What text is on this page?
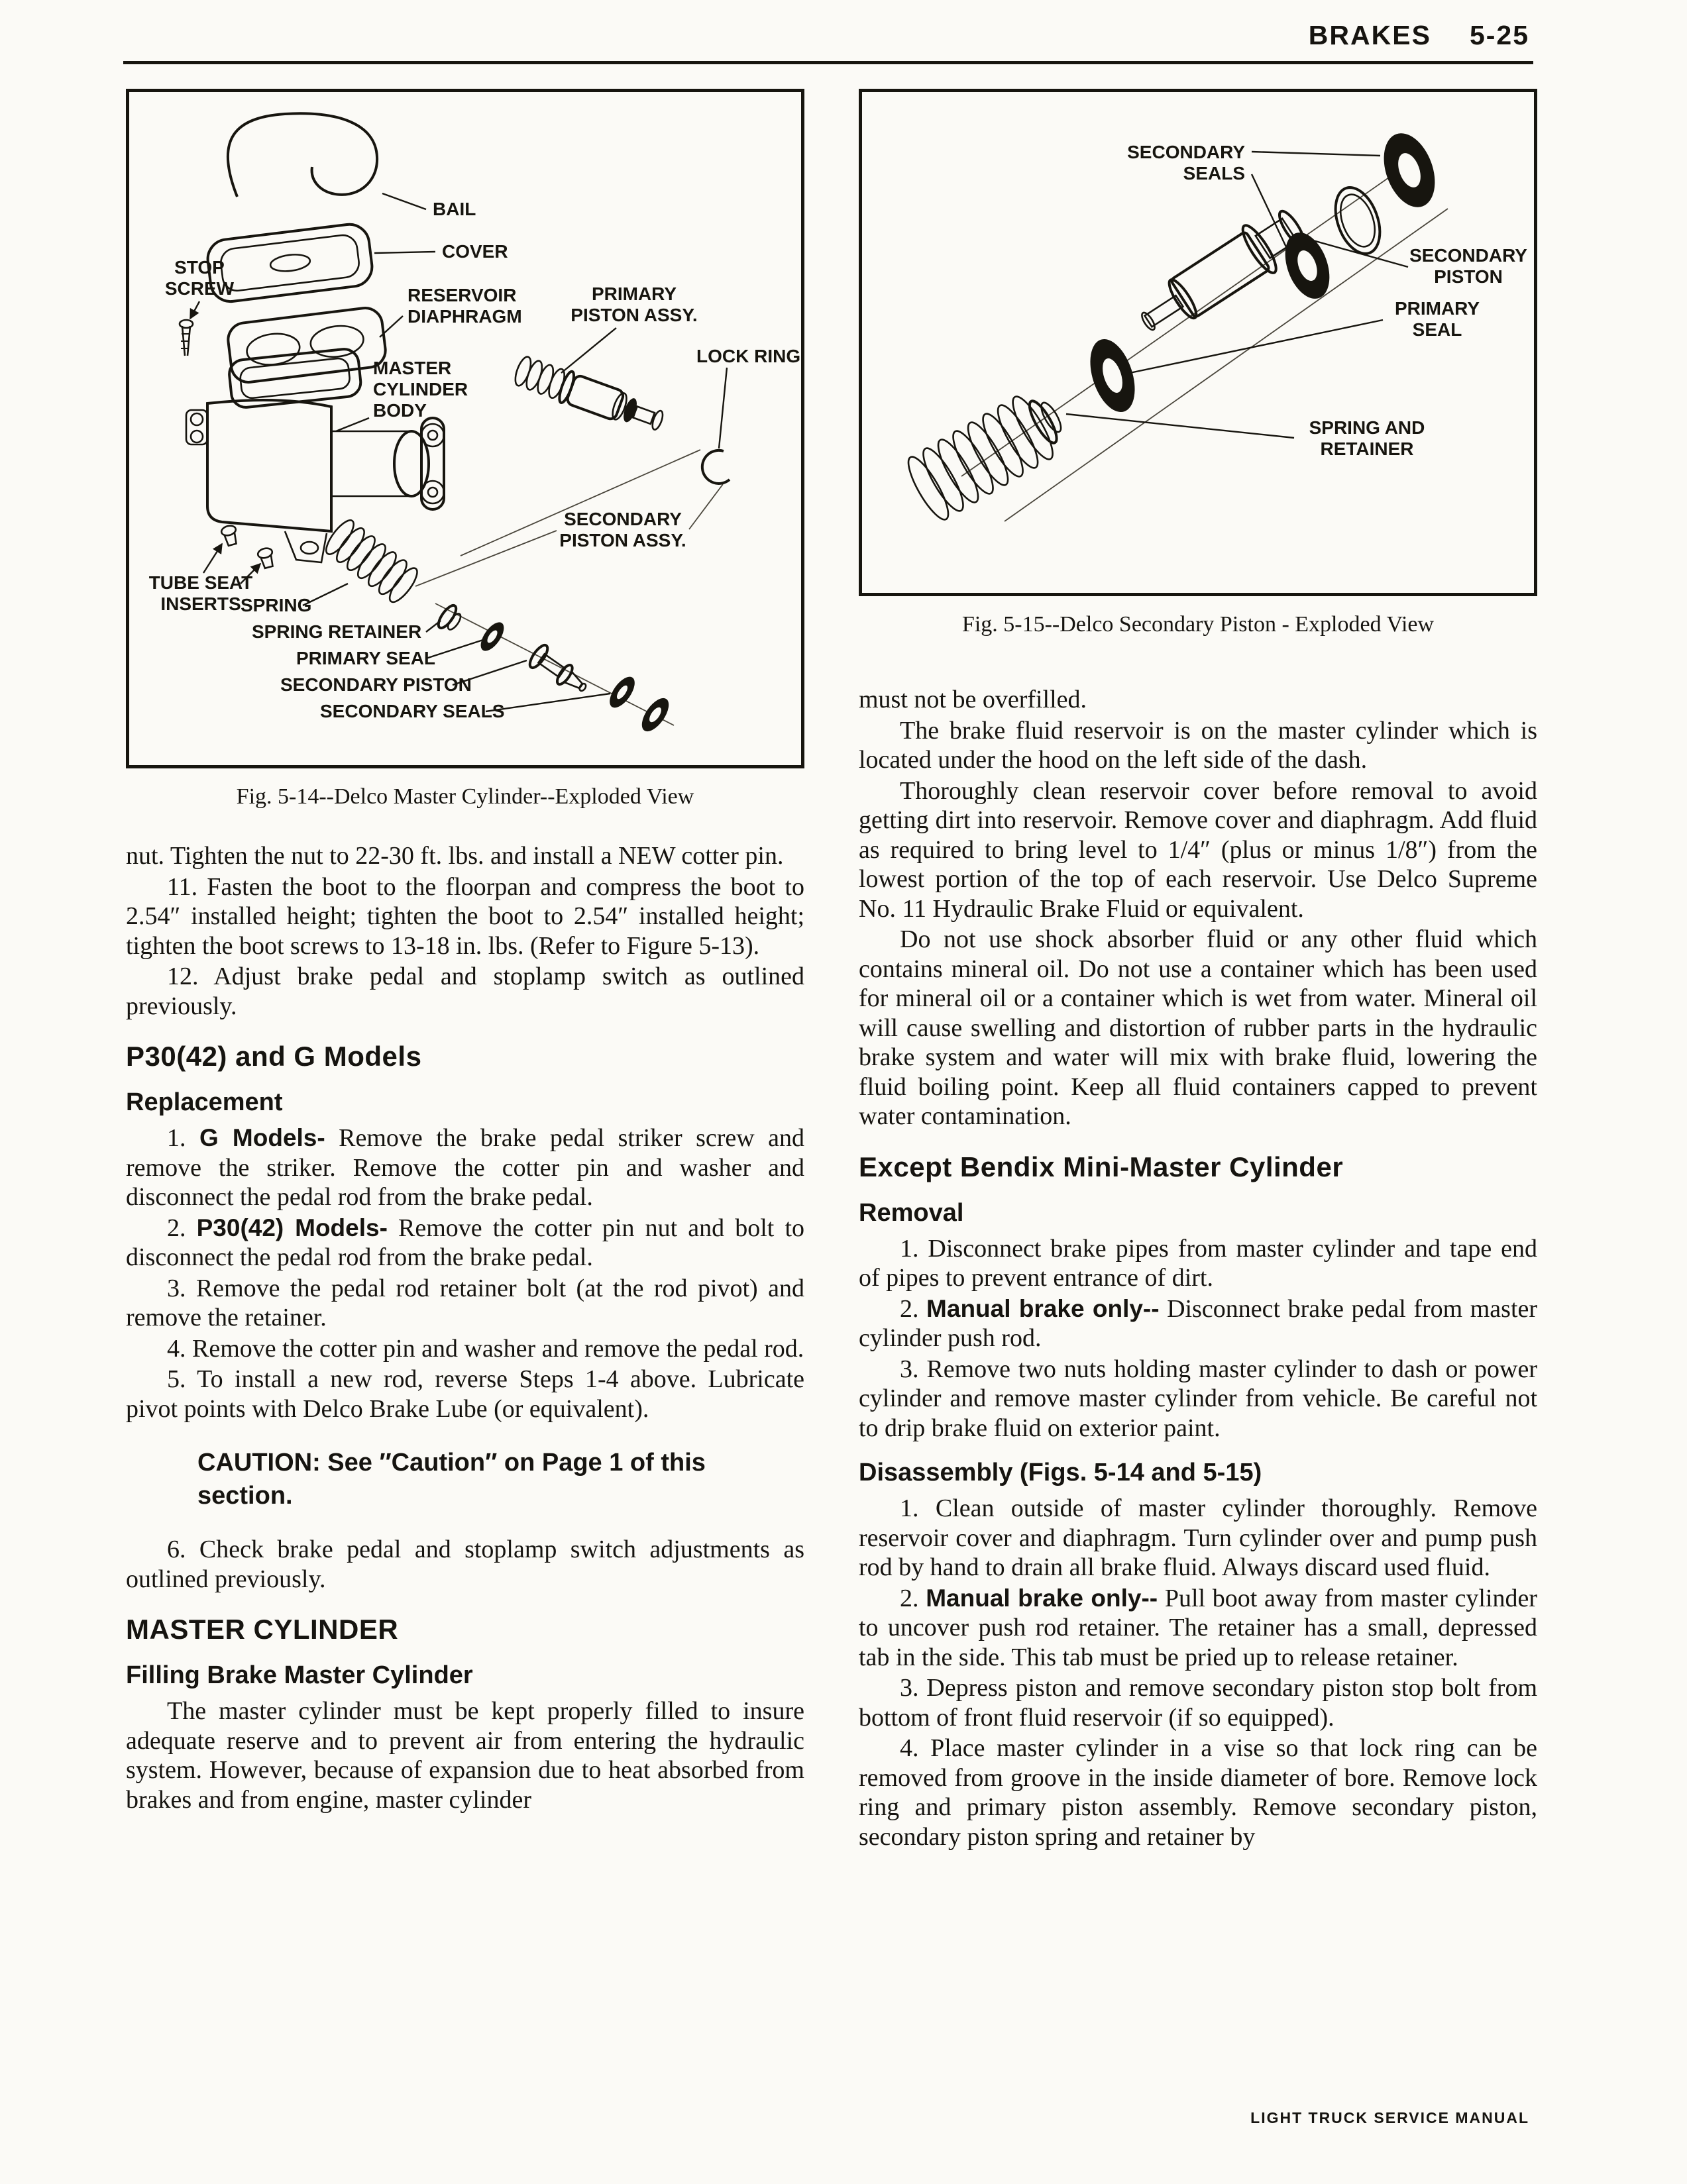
BRAKES 5-25
BAIL
COVER
STOP
SCREW	RESERVOIR
DIAPHRAGM
PRIMARY
PISTON ASSY.
MASTER
CYLINDER
BODY
LOCK RING
SECONDARY
PISTON ASSY.
TUBE SEAT
INSERTS SPRING
SPRING RETAINER
PRIMARY SEAL
SECONDARY PISTON
SECONDARY SEALS
Fig. 5-14--Delco Master Cylinder--Exploded View

nut. Tighten the nut to 22-30 ft. lbs. and install a NEW cotter pin.

11. Fasten the boot to the floorpan and compress the boot to 2.54″ installed height; tighten the boot to 2.54″ installed height; tighten the boot screws to 13-18 in. lbs. (Refer to Figure 5-13).

12. Adjust brake pedal and stoplamp switch as outlined previously.

P30(42) and G Models
Replacement

1. G Models- Remove the brake pedal striker screw and remove the striker. Remove the cotter pin and washer and disconnect the pedal rod from the brake pedal.

2. P30(42) Models- Remove the cotter pin nut and bolt to disconnect the pedal rod from the brake pedal.

3. Remove the pedal rod retainer bolt (at the rod pivot) and remove the retainer.

4. Remove the cotter pin and washer and remove the pedal rod.

5. To install a new rod, reverse Steps 1-4 above. Lubricate pivot points with Delco Brake Lube (or equivalent).

CAUTION: See ″Caution″ on Page 1 of this section.

6. Check brake pedal and stoplamp switch adjustments as outlined previously.

MASTER CYLINDER
Filling Brake Master Cylinder

The master cylinder must be kept properly filled to insure adequate reserve and to prevent air from entering the hydraulic system. However, because of expansion due to heat absorbed from brakes and from engine, master cylinder

SECONDARY
SEALS
SECONDARY
PISTON
PRIMARY
SEAL
SPRING AND
RETAINER
Fig. 5-15--Delco Secondary Piston - Exploded View

must not be overfilled.

The brake fluid reservoir is on the master cylinder which is located under the hood on the left side of the dash.

Thoroughly clean reservoir cover before removal to avoid getting dirt into reservoir. Remove cover and diaphragm. Add fluid as required to bring level to 1/4″ (plus or minus 1/8″) from the lowest portion of the top of each reservoir. Use Delco Supreme No. 11 Hydraulic Brake Fluid or equivalent.

Do not use shock absorber fluid or any other fluid which contains mineral oil. Do not use a container which has been used for mineral oil or a container which is wet from water. Mineral oil will cause swelling and distortion of rubber parts in the hydraulic brake system and water will mix with brake fluid, lowering the fluid boiling point. Keep all fluid containers capped to prevent water contamination.

Except Bendix Mini-Master Cylinder
Removal

1. Disconnect brake pipes from master cylinder and tape end of pipes to prevent entrance of dirt.

2. Manual brake only-- Disconnect brake pedal from master cylinder push rod.

3. Remove two nuts holding master cylinder to dash or power cylinder and remove master cylinder from vehicle. Be careful not to drip brake fluid on exterior paint.

Disassembly (Figs. 5-14 and 5-15)

1. Clean outside of master cylinder thoroughly. Remove reservoir cover and diaphragm. Turn cylinder over and pump push rod by hand to drain all brake fluid. Always discard used fluid.

2. Manual brake only-- Pull boot away from master cylinder to uncover push rod retainer. The retainer has a small, depressed tab in the side. This tab must be pried up to release retainer.

3. Depress piston and remove secondary piston stop bolt from bottom of front fluid reservoir (if so equipped).

4. Place master cylinder in a vise so that lock ring can be removed from groove in the inside diameter of bore. Remove lock ring and primary piston assembly. Remove secondary piston, secondary piston spring and retainer by

LIGHT TRUCK SERVICE MANUAL
